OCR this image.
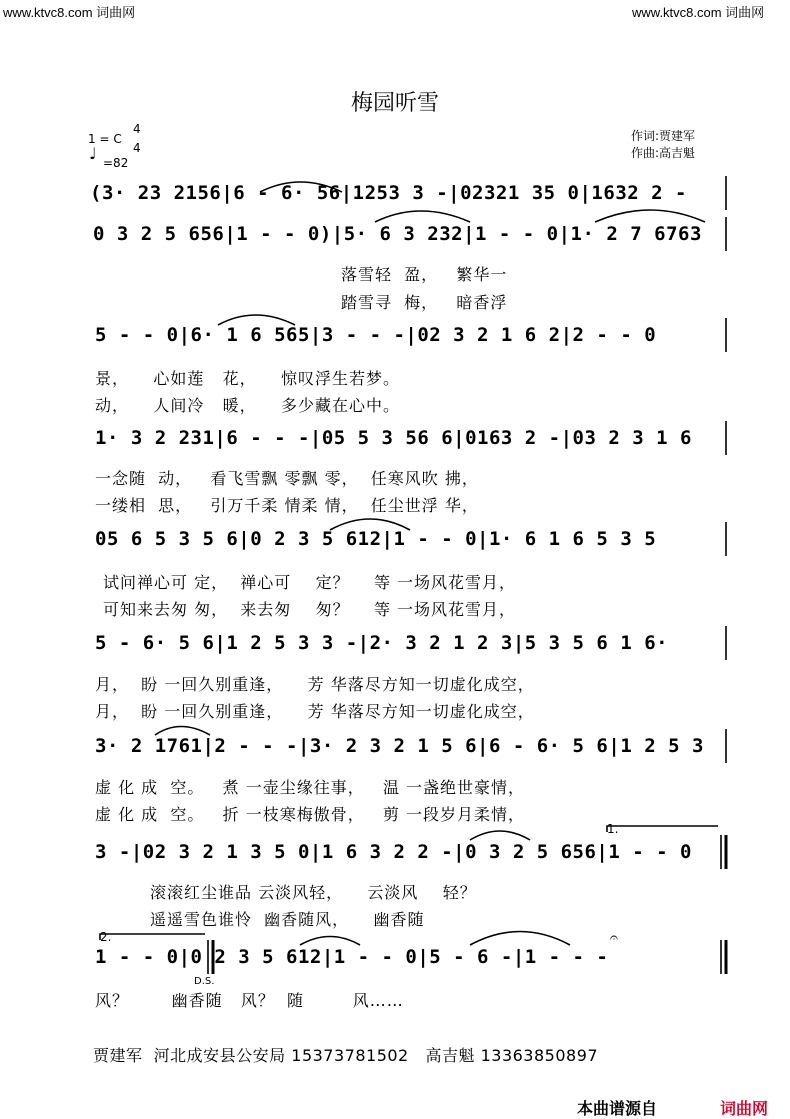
www.ktvc8.com 词曲网	www.ktvc8.com 词曲网
梅园听雪
1 = C
4
4
♩ =82
作词:贾建军
作曲:高吉魁
(3· 23 2156|6 - 6· 56|1253 3 -|02321 35 0|1632 2 -
0 3 2 5 656|1 - - 0)|5· 6 3 232|1 - - 0|1· 2 7 6763
落雪轻  盈，   繁华一
踏雪寻  梅，   暗香浮
5 - - 0|6· 1 6 565|3 - - -|02 3 2 1 6 2|2 - - 0
景，    心如莲   花，    惊叹浮生若梦。
动，    人间冷   暖，    多少藏在心中。
1· 3 2 231|6 - - -|05 5 3 56 6|0163 2 -|03 2 3 1 6
一念随  动，   看飞雪飘 零飘 零，  任寒风吹 拂，
一缕相  思，   引万千柔 情柔 情，  任尘世浮 华，
05 6 5 3 5 6|0 2 3 5 612|1 - - 0|1· 6 1 6 5 3 5
试问禅心可 定，  禅心可    定？    等 一场风花雪月，
可知来去匆 匆，  来去匆    匆？    等 一场风花雪月，
5 - 6· 5 6|1 2 5 3 3 -|2· 3 2 1 2 3|5 3 5 6 1 6·
月，  盼 一回久别重逢，    芳 华落尽方知一切虚化成空，
月，  盼 一回久别重逢，    芳 华落尽方知一切虚化成空，
3· 2 1761|2 - - -|3· 2 3 2 1 5 6|6 - 6· 5 6|1 2 5 3
虚 化 成  空。   煮 一壶尘缘往事，   温 一盏绝世豪情，
虚 化 成  空。   折 一枝寒梅傲骨，   剪 一段岁月柔情，
1.
3 -|02 3 2 1 3 5 0|1 6 3 2 2 -|0 3 2 5 656|1 - - 0
滚滚红尘谁品 云淡风轻，    云淡风    轻？
遥遥雪色谁怜  幽香随风，    幽香随
2.
1 - - 0|0 2 3 5 612|1 - - 0|5 - 6 -|1 - - -
D.S.
𝄐
风？       幽香随   风？  随        风……
贾建军  河北成安县公安局 15373781502   高吉魁 13363850897
本曲谱源自	词曲网
